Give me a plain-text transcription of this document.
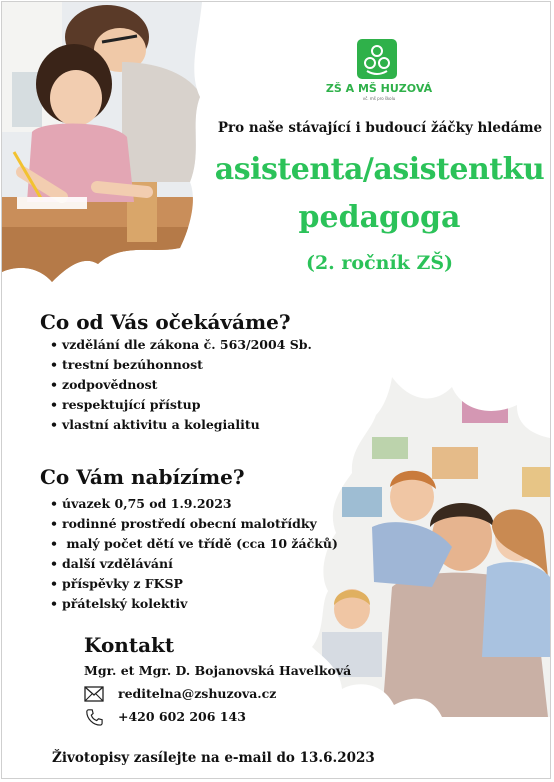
ZŠ A MŠ HUZOVÁ
vč. mš pro školu
Pro naše stávající i budoucí žáčky hledáme
asistenta/asistentku
pedagoga
(2. ročník ZŠ)
Co od Vás očekáváme?
• vzdělání dle zákona č. 563/2004 Sb.
• trestní bezúhonnost
• zodpovědnost
• respektující přístup
• vlastní aktivitu a kolegialitu
Co Vám nabízíme?
• úvazek 0,75 od 1.9.2023
• rodinné prostředí obecní malotřídky
• malý počet dětí ve třídě (cca 10 žáčků)
• další vzdělávání
• příspěvky z FKSP
• přátelský kolektiv
Kontakt
Mgr. et Mgr. D. Bojanovská Havelková
reditelna@zshuzova.cz
+420 602 206 143
Životopisy zasílejte na e-mail do 13.6.2023
